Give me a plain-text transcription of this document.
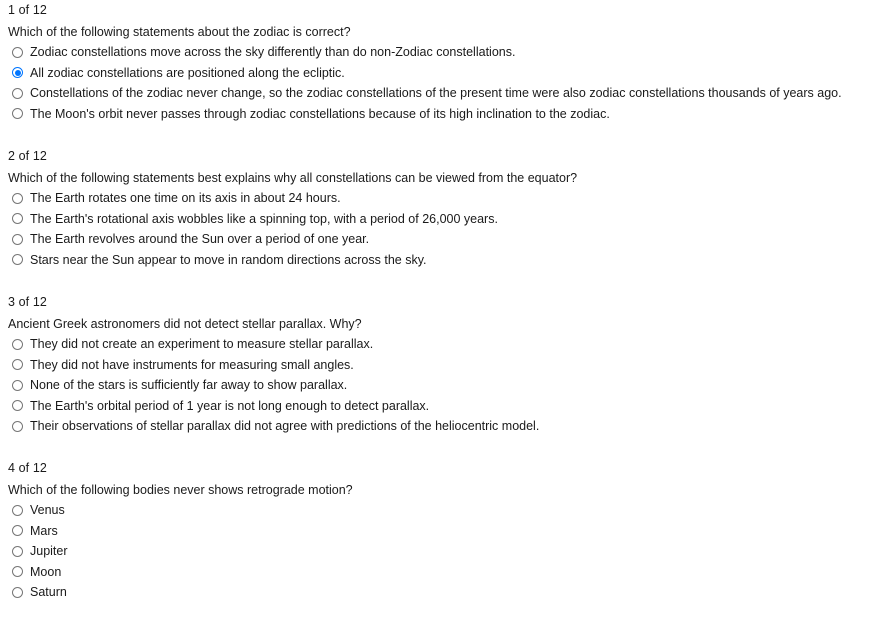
1 of 12
Which of the following statements about the zodiac is correct?
Zodiac constellations move across the sky differently than do non-Zodiac constellations.
All zodiac constellations are positioned along the ecliptic.
Constellations of the zodiac never change, so the zodiac constellations of the present time were also zodiac constellations thousands of years ago.
The Moon's orbit never passes through zodiac constellations because of its high inclination to the zodiac.
2 of 12
Which of the following statements best explains why all constellations can be viewed from the equator?
The Earth rotates one time on its axis in about 24 hours.
The Earth's rotational axis wobbles like a spinning top, with a period of 26,000 years.
The Earth revolves around the Sun over a period of one year.
Stars near the Sun appear to move in random directions across the sky.
3 of 12
Ancient Greek astronomers did not detect stellar parallax. Why?
They did not create an experiment to measure stellar parallax.
They did not have instruments for measuring small angles.
None of the stars is sufficiently far away to show parallax.
The Earth's orbital period of 1 year is not long enough to detect parallax.
Their observations of stellar parallax did not agree with predictions of the heliocentric model.
4 of 12
Which of the following bodies never shows retrograde motion?
Venus
Mars
Jupiter
Moon
Saturn
